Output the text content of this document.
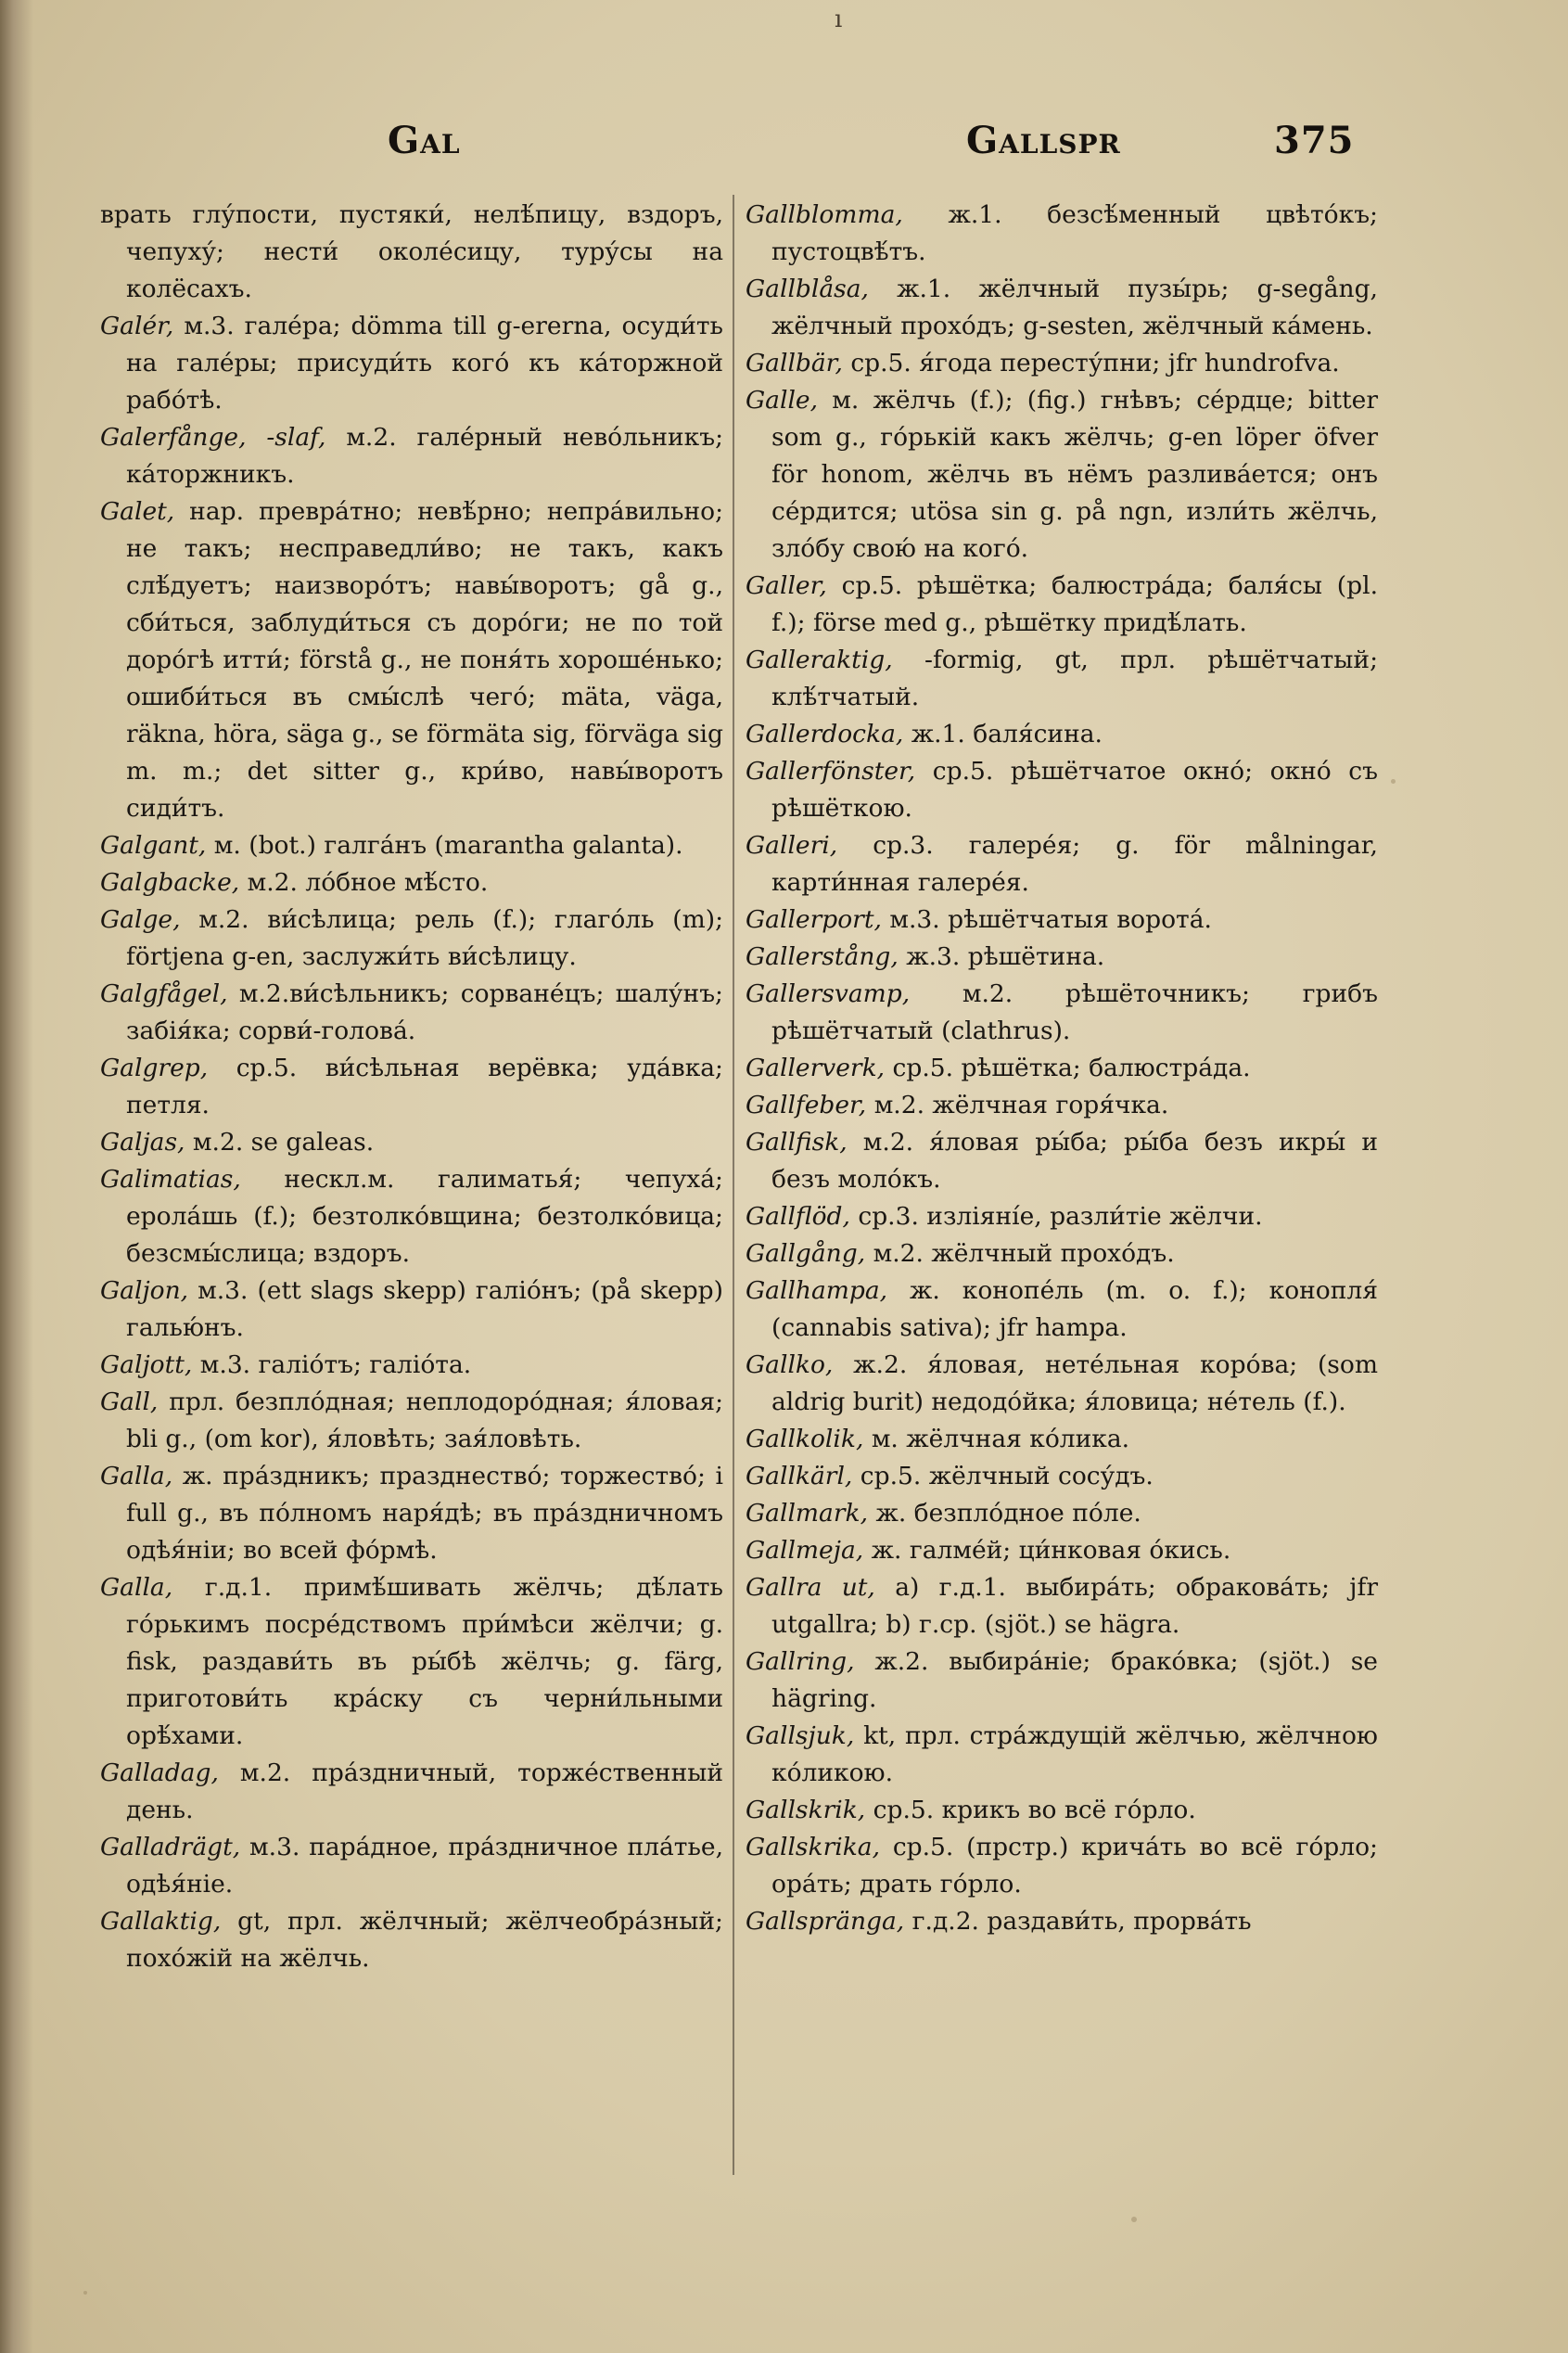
ı
Gal	Gallspr	375
врать глу́пости, пустяки́, нелѣ́пицу, вздоръ, чепуху́; нести́ околе́сицу, туру́сы на колёсахъ.
Galér, м.3. гале́ра; dömma till g-ererna, осуди́ть на гале́ры; присуди́ть кого́ къ ка́торжной рабо́тѣ.
Galerfånge, -slaf, м.2. гале́рный нево́льникъ; ка́торжникъ.
Galet, нар. превра́тно; невѣ́рно; непра́вильно; не такъ; несправедли́во; не такъ, какъ слѣ́дуетъ; наизворо́тъ; навы́воротъ; gå g., сби́ться, заблуди́ться съ доро́ги; не по той доро́гѣ итти́; förstå g., не поня́ть хороше́нько; ошиби́ться въ смы́слѣ чего́; mäta, väga, räkna, höra, säga g., se förmäta sig, förväga sig m. m.; det sitter g., кри́во, навы́воротъ сиди́тъ.
Galgant, м. (bot.) галга́нъ (maranthа galanta).
Galgbacke, м.2. ло́бное мѣ́сто.
Galge, м.2. ви́сѣлица; рель (f.); глаго́ль (m); förtjena g-en, заслужи́ть ви́сѣлицу.
Galgfågel, м.2.ви́сѣльникъ; сорване́цъ; шалу́нъ; забія́ка; сорви́-голова́.
Galgrep, ср.5. ви́сѣльная верёвка; уда́вка; петля.
Galjas, м.2. se galeas.
Galimatias, нескл.м. галиматья́; чепуха́; ерола́шь (f.); безтолко́вщина; безтолко́вица; безсмы́слица; вздоръ.
Galjon, м.3. (ett slags skepp) галіо́нъ; (på skepp) галью́нъ.
Galjott, м.3. галіо́тъ; галіо́та.
Gall, прл. безпло́дная; неплодоро́дная; я́ловая; bli g., (om kor), я́ловѣть; зая́ловѣть.
Galla, ж. пра́здникъ; празднество́; торжество́; i full g., въ по́лномъ наря́дѣ; въ пра́здничномъ одѣя́ніи; во всей фо́рмѣ.
Galla, г.д.1. примѣ́шивать жёлчь; дѣ́лать го́рькимъ посре́дствомъ при́мѣси жёлчи; g. fisk, раздави́ть въ ры́бѣ жёлчь; g. färg, приготови́ть кра́ску съ черни́льными орѣ́хами.
Galladag, м.2. пра́здничный, торже́ственный день.
Galladrägt, м.3. пара́дное, пра́здничное пла́тье, одѣя́ніе.
Gallaktig, gt, прл. жёлчный; жёлчеобра́зный; похо́жій на жёлчь.
Gallblomma, ж.1. безсѣ́менный цвѣто́къ; пустоцвѣ́тъ.
Gallblåsa, ж.1. жёлчный пузы́рь; g-segång, жёлчный прохо́дъ; g-sesten, жёлчный ка́мень.
Gallbär, ср.5. я́года пересту́пни; jfr hundrofva.
Galle, м. жёлчь (f.); (fig.) гнѣвъ; се́рдце; bitter som g., го́рькій какъ жёлчь; g-en löper öfver för honom, жёлчь въ нёмъ разлива́ется; онъ се́рдится; utösa sin g. på ngn, изли́ть жёлчь, зло́бу свою́ на кого́.
Galler, ср.5. рѣшётка; балюстра́да; баля́сы (pl. f.); förse med g., рѣшётку придѣ́лать.
Galleraktig, -formig, gt, прл. рѣшётчатый; клѣ́тчатый.
Gallerdocka, ж.1. баля́сина.
Gallerfönster, ср.5. рѣшётчатое окно́; окно́ съ рѣшёткою.
Galleri, ср.3. галере́я; g. för målningar, карти́нная галере́я.
Gallerport, м.3. рѣшётчатыя ворота́.
Gallerstång, ж.3. рѣшётина.
Gallersvamp, м.2. рѣшёточникъ; грибъ рѣшётчатый (clathrus).
Gallerverk, ср.5. рѣшётка; балюстра́да.
Gallfeber, м.2. жёлчная горя́чка.
Gallfisk, м.2. я́ловая ры́ба; ры́ба безъ икры́ и безъ моло́къ.
Gallflöd, ср.3. изліяні́е, разли́тіе жёлчи.
Gallgång, м.2. жёлчный прохо́дъ.
Gallhampa, ж. конопе́ль (m. o. f.); конопля́ (cannabis sativa); jfr hampa.
Gallko, ж.2. я́ловая, нете́льная коро́ва; (som aldrig burit) недодо́йка; я́ловица; не́тель (f.).
Gallkolik, м. жёлчная ко́лика.
Gallkärl, ср.5. жёлчный сосу́дъ.
Gallmark, ж. безпло́дное по́ле.
Gallmeja, ж. галме́й; ци́нковая о́кись.
Gallra ut, a) г.д.1. выбира́ть; обракова́ть; jfr utgallra; b) г.ср. (sjöt.) se hägra.
Gallring, ж.2. выбира́ніе; брако́вка; (sjöt.) se hägring.
Gallsjuk, kt, прл. стра́ждущій жёлчью, жёлчною ко́ликою.
Gallskrik, ср.5. крикъ во всё го́рло.
Gallskrika, ср.5. (прстр.) крича́ть во всё го́рло; ора́ть; драть го́рло.
Gallspränga, г.д.2. раздави́ть, прорва́ть
